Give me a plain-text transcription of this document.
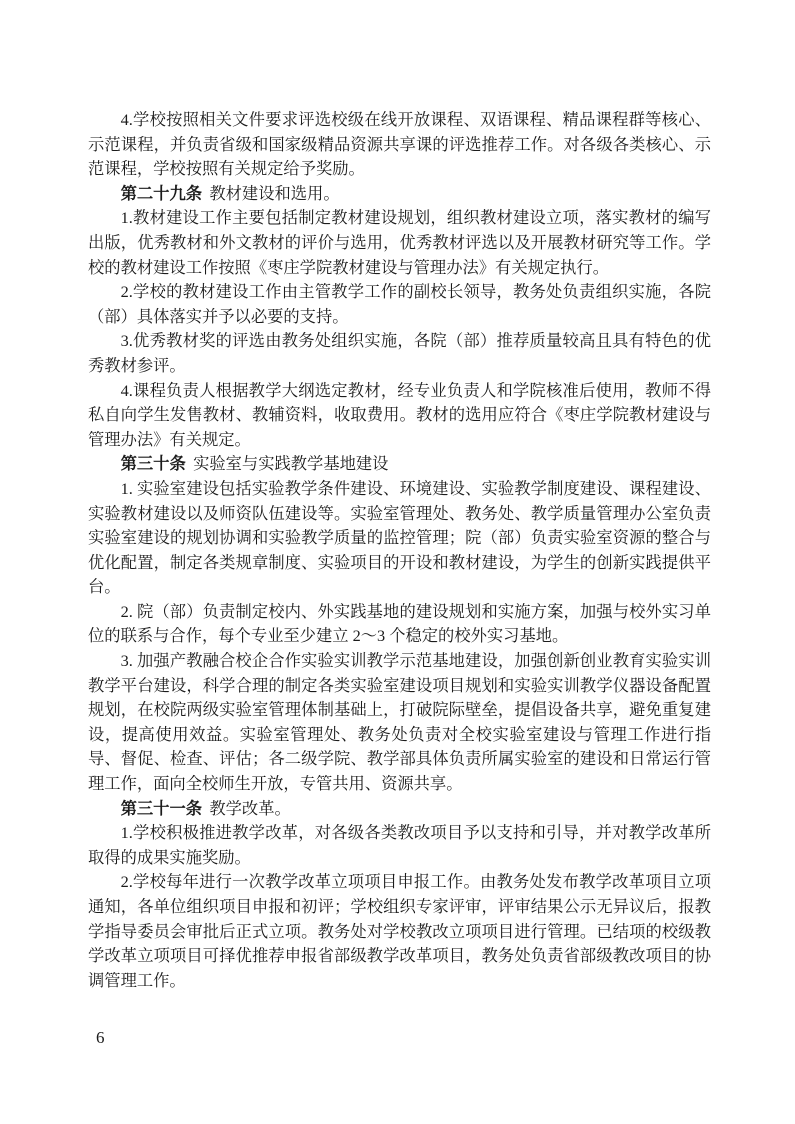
4.学校按照相关文件要求评选校级在线开放课程、双语课程、精品课程群等核心、示范课程，并负责省级和国家级精品资源共享课的评选推荐工作。对各级各类核心、示范课程，学校按照有关规定给予奖励。

第二十九条 教材建设和选用。

1.教材建设工作主要包括制定教材建设规划，组织教材建设立项，落实教材的编写出版，优秀教材和外文教材的评价与选用，优秀教材评选以及开展教材研究等工作。学校的教材建设工作按照《枣庄学院教材建设与管理办法》有关规定执行。

2.学校的教材建设工作由主管教学工作的副校长领导，教务处负责组织实施，各院（部）具体落实并予以必要的支持。

3.优秀教材奖的评选由教务处组织实施，各院（部）推荐质量较高且具有特色的优秀教材参评。

4.课程负责人根据教学大纲选定教材，经专业负责人和学院核准后使用，教师不得私自向学生发售教材、教辅资料，收取费用。教材的选用应符合《枣庄学院教材建设与管理办法》有关规定。

第三十条 实验室与实践教学基地建设

1. 实验室建设包括实验教学条件建设、环境建设、实验教学制度建设、课程建设、实验教材建设以及师资队伍建设等。实验室管理处、教务处、教学质量管理办公室负责实验室建设的规划协调和实验教学质量的监控管理；院（部）负责实验室资源的整合与优化配置，制定各类规章制度、实验项目的开设和教材建设，为学生的创新实践提供平台。

2. 院（部）负责制定校内、外实践基地的建设规划和实施方案，加强与校外实习单位的联系与合作，每个专业至少建立 2～3 个稳定的校外实习基地。

3. 加强产教融合校企合作实验实训教学示范基地建设，加强创新创业教育实验实训教学平台建设，科学合理的制定各类实验室建设项目规划和实验实训教学仪器设备配置规划，在校院两级实验室管理体制基础上，打破院际壁垒，提倡设备共享，避免重复建设，提高使用效益。实验室管理处、教务处负责对全校实验室建设与管理工作进行指导、督促、检查、评估；各二级学院、教学部具体负责所属实验室的建设和日常运行管理工作，面向全校师生开放，专管共用、资源共享。

第三十一条 教学改革。

1.学校积极推进教学改革，对各级各类教改项目予以支持和引导，并对教学改革所取得的成果实施奖励。

2.学校每年进行一次教学改革立项项目申报工作。由教务处发布教学改革项目立项通知，各单位组织项目申报和初评；学校组织专家评审，评审结果公示无异议后，报教学指导委员会审批后正式立项。教务处对学校教改立项项目进行管理。已结项的校级教学改革立项项目可择优推荐申报省部级教学改革项目，教务处负责省部级教改项目的协调管理工作。

6
